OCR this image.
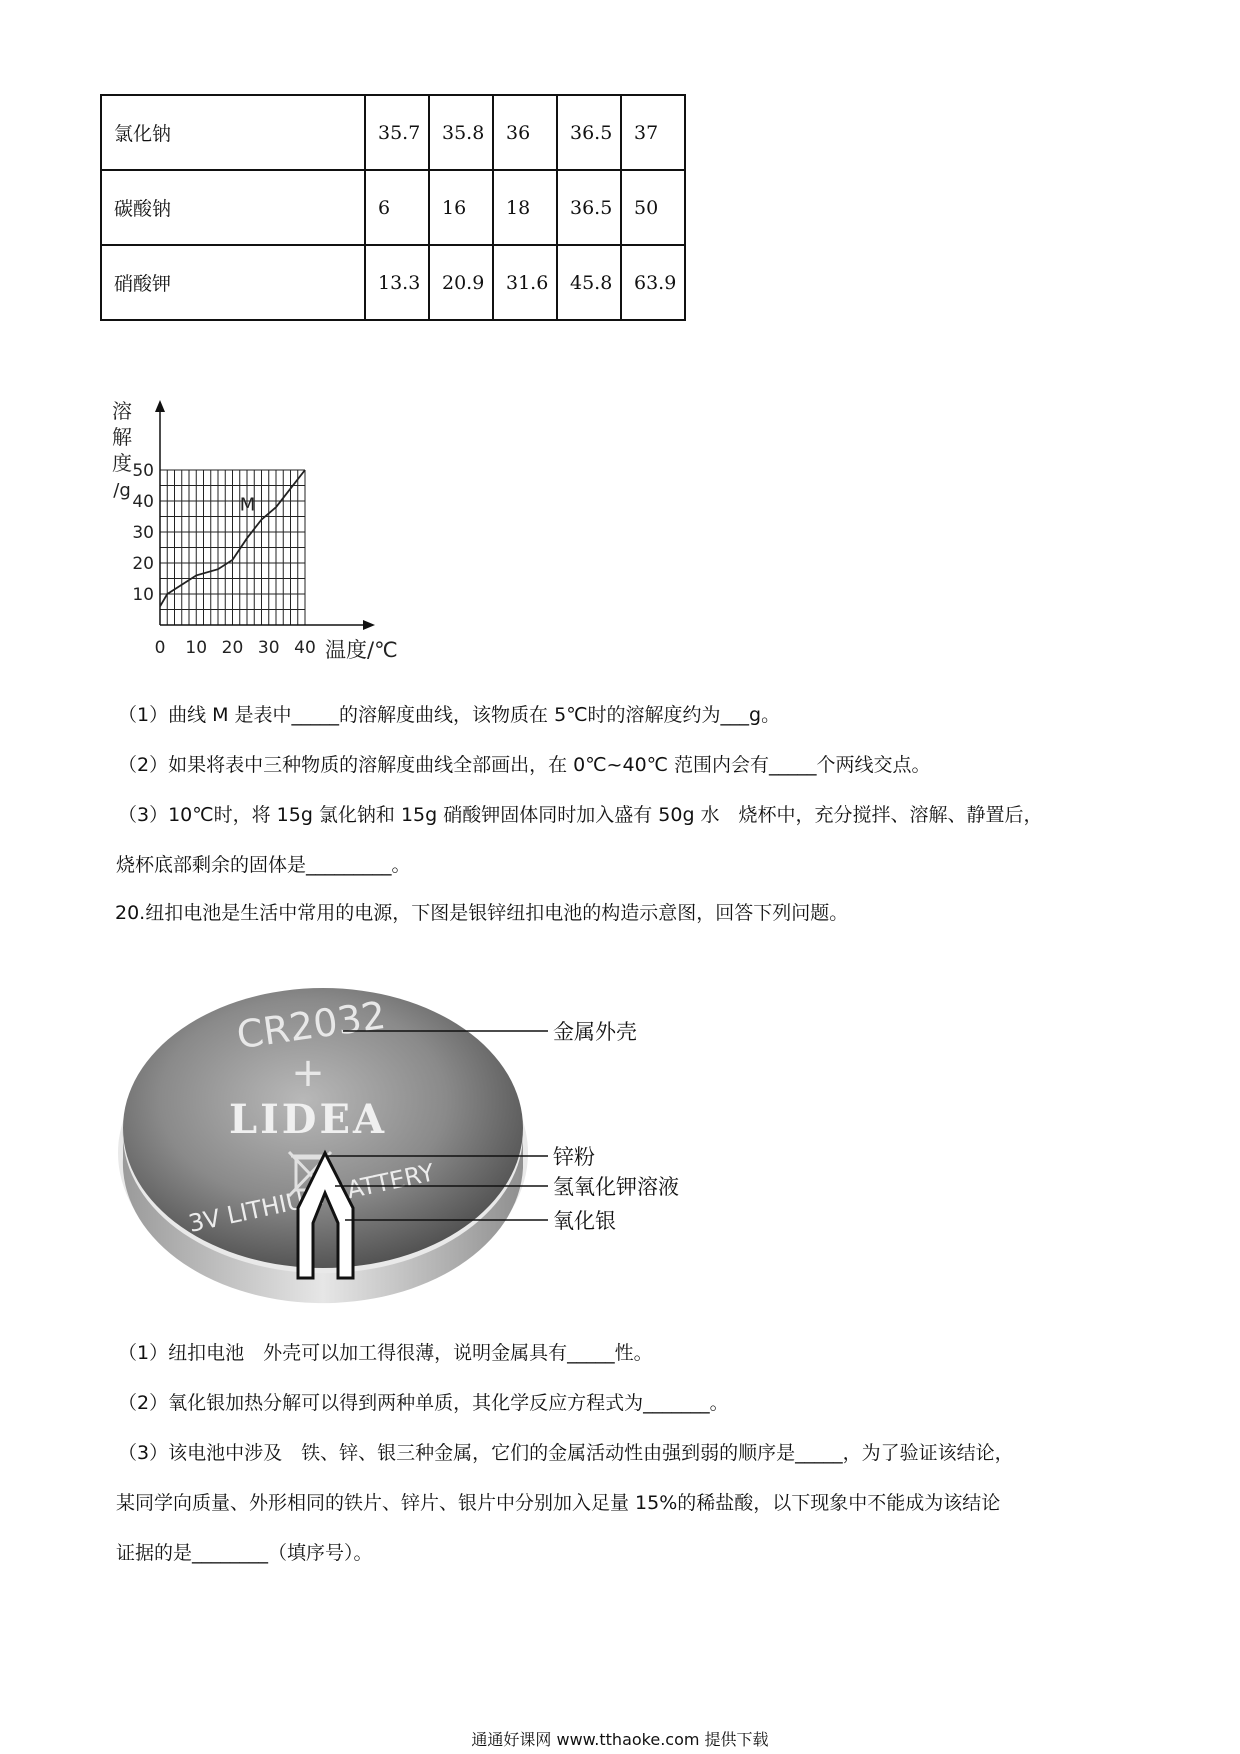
氯化钠	35.7	35.8	36	36.5	37
碳酸钠	6	16	18	36.5	50
硝酸钾	13.3	20.9	31.6	45.8	63.9
0 10 20 30 40
10
20
30
40
50
M
溶
解
度
/g
温度/℃
（1）曲线 M 是表中_____的溶解度曲线，该物质在 5℃时的溶解度约为___g。
（2）如果将表中三种物质的溶解度曲线全部画出，在 0℃~40℃ 范围内会有_____个两线交点。
（3）10℃时，将 15g 氯化钠和 15g 硝酸钾固体同时加入盛有 50g 水　烧杯中，充分搅拌、溶解、静置后，
烧杯底部剩余的固体是_________。
20.纽扣电池是生活中常用的电源，下图是银锌纽扣电池的构造示意图，回答下列问题。
CR2032
+
LIDEA
3V LITHIUM BATTERY
金属外壳
锌粉
氢氧化钾溶液
氧化银
（1）纽扣电池　外壳可以加工得很薄，说明金属具有_____性。
（2）氧化银加热分解可以得到两种单质，其化学反应方程式为_______。
（3）该电池中涉及　铁、锌、银三种金属，它们的金属活动性由强到弱的顺序是_____，为了验证该结论，
某同学向质量、外形相同的铁片、锌片、银片中分别加入足量 15%的稀盐酸，以下现象中不能成为该结论
证据的是________（填序号）。
通通好课网 www.tthaoke.com 提供下载
